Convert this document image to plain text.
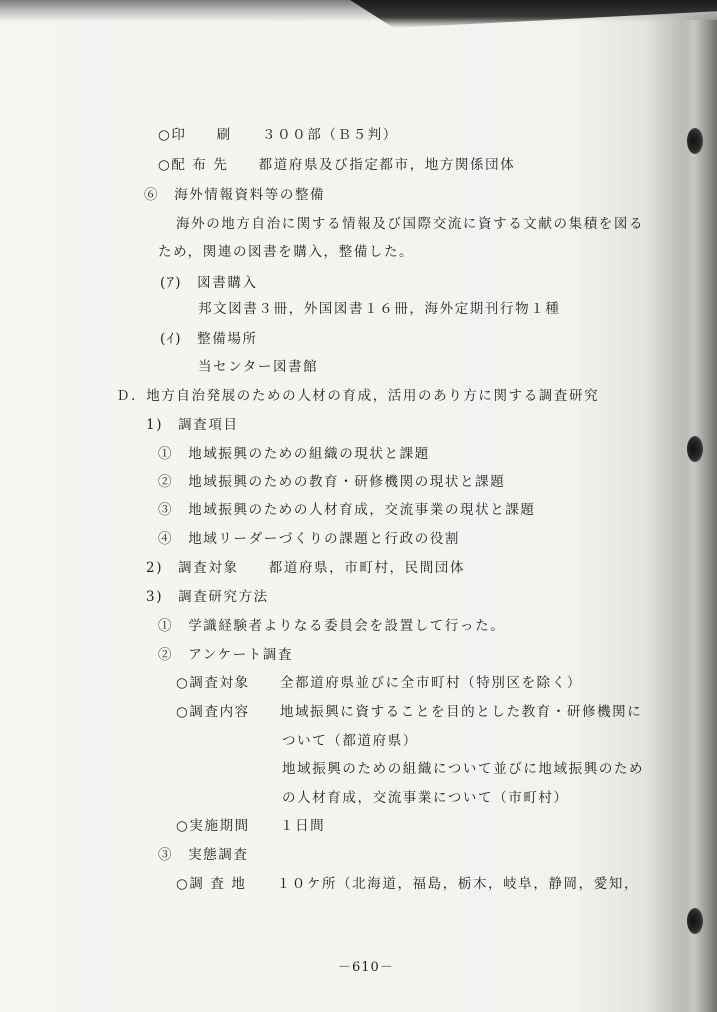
○印　　刷　　３００部（Ｂ５判）
○配 布 先　　都道府県及び指定都市，地方関係団体
⑥　海外情報資料等の整備
海外の地方自治に関する情報及び国際交流に資する文献の集積を図る
ため，関連の図書を購入，整備した。
(ｱ)　図書購入
邦文図書３冊，外国図書１６冊，海外定期刊行物１種
(ｲ)　整備場所
当センター図書館
Ｄ．地方自治発展のための人材の育成，活用のあり方に関する調査研究
1)　調査項目
①　地域振興のための組織の現状と課題
②　地域振興のための教育・研修機関の現状と課題
③　地域振興のための人材育成，交流事業の現状と課題
④　地域リーダーづくりの課題と行政の役割
2)　調査対象　　都道府県，市町村，民間団体
3)　調査研究方法
①　学識経験者よりなる委員会を設置して行った。
②　アンケート調査
○調査対象　　全都道府県並びに全市町村（特別区を除く）
○調査内容　　地域振興に資することを目的とした教育・研修機関に
ついて（都道府県）
地域振興のための組織について並びに地域振興のため
の人材育成，交流事業について（市町村）
○実施期間　　１日間
③　実態調査
○調 査 地　　１０ケ所（北海道，福島，栃木，岐阜，静岡，愛知，
－610－
